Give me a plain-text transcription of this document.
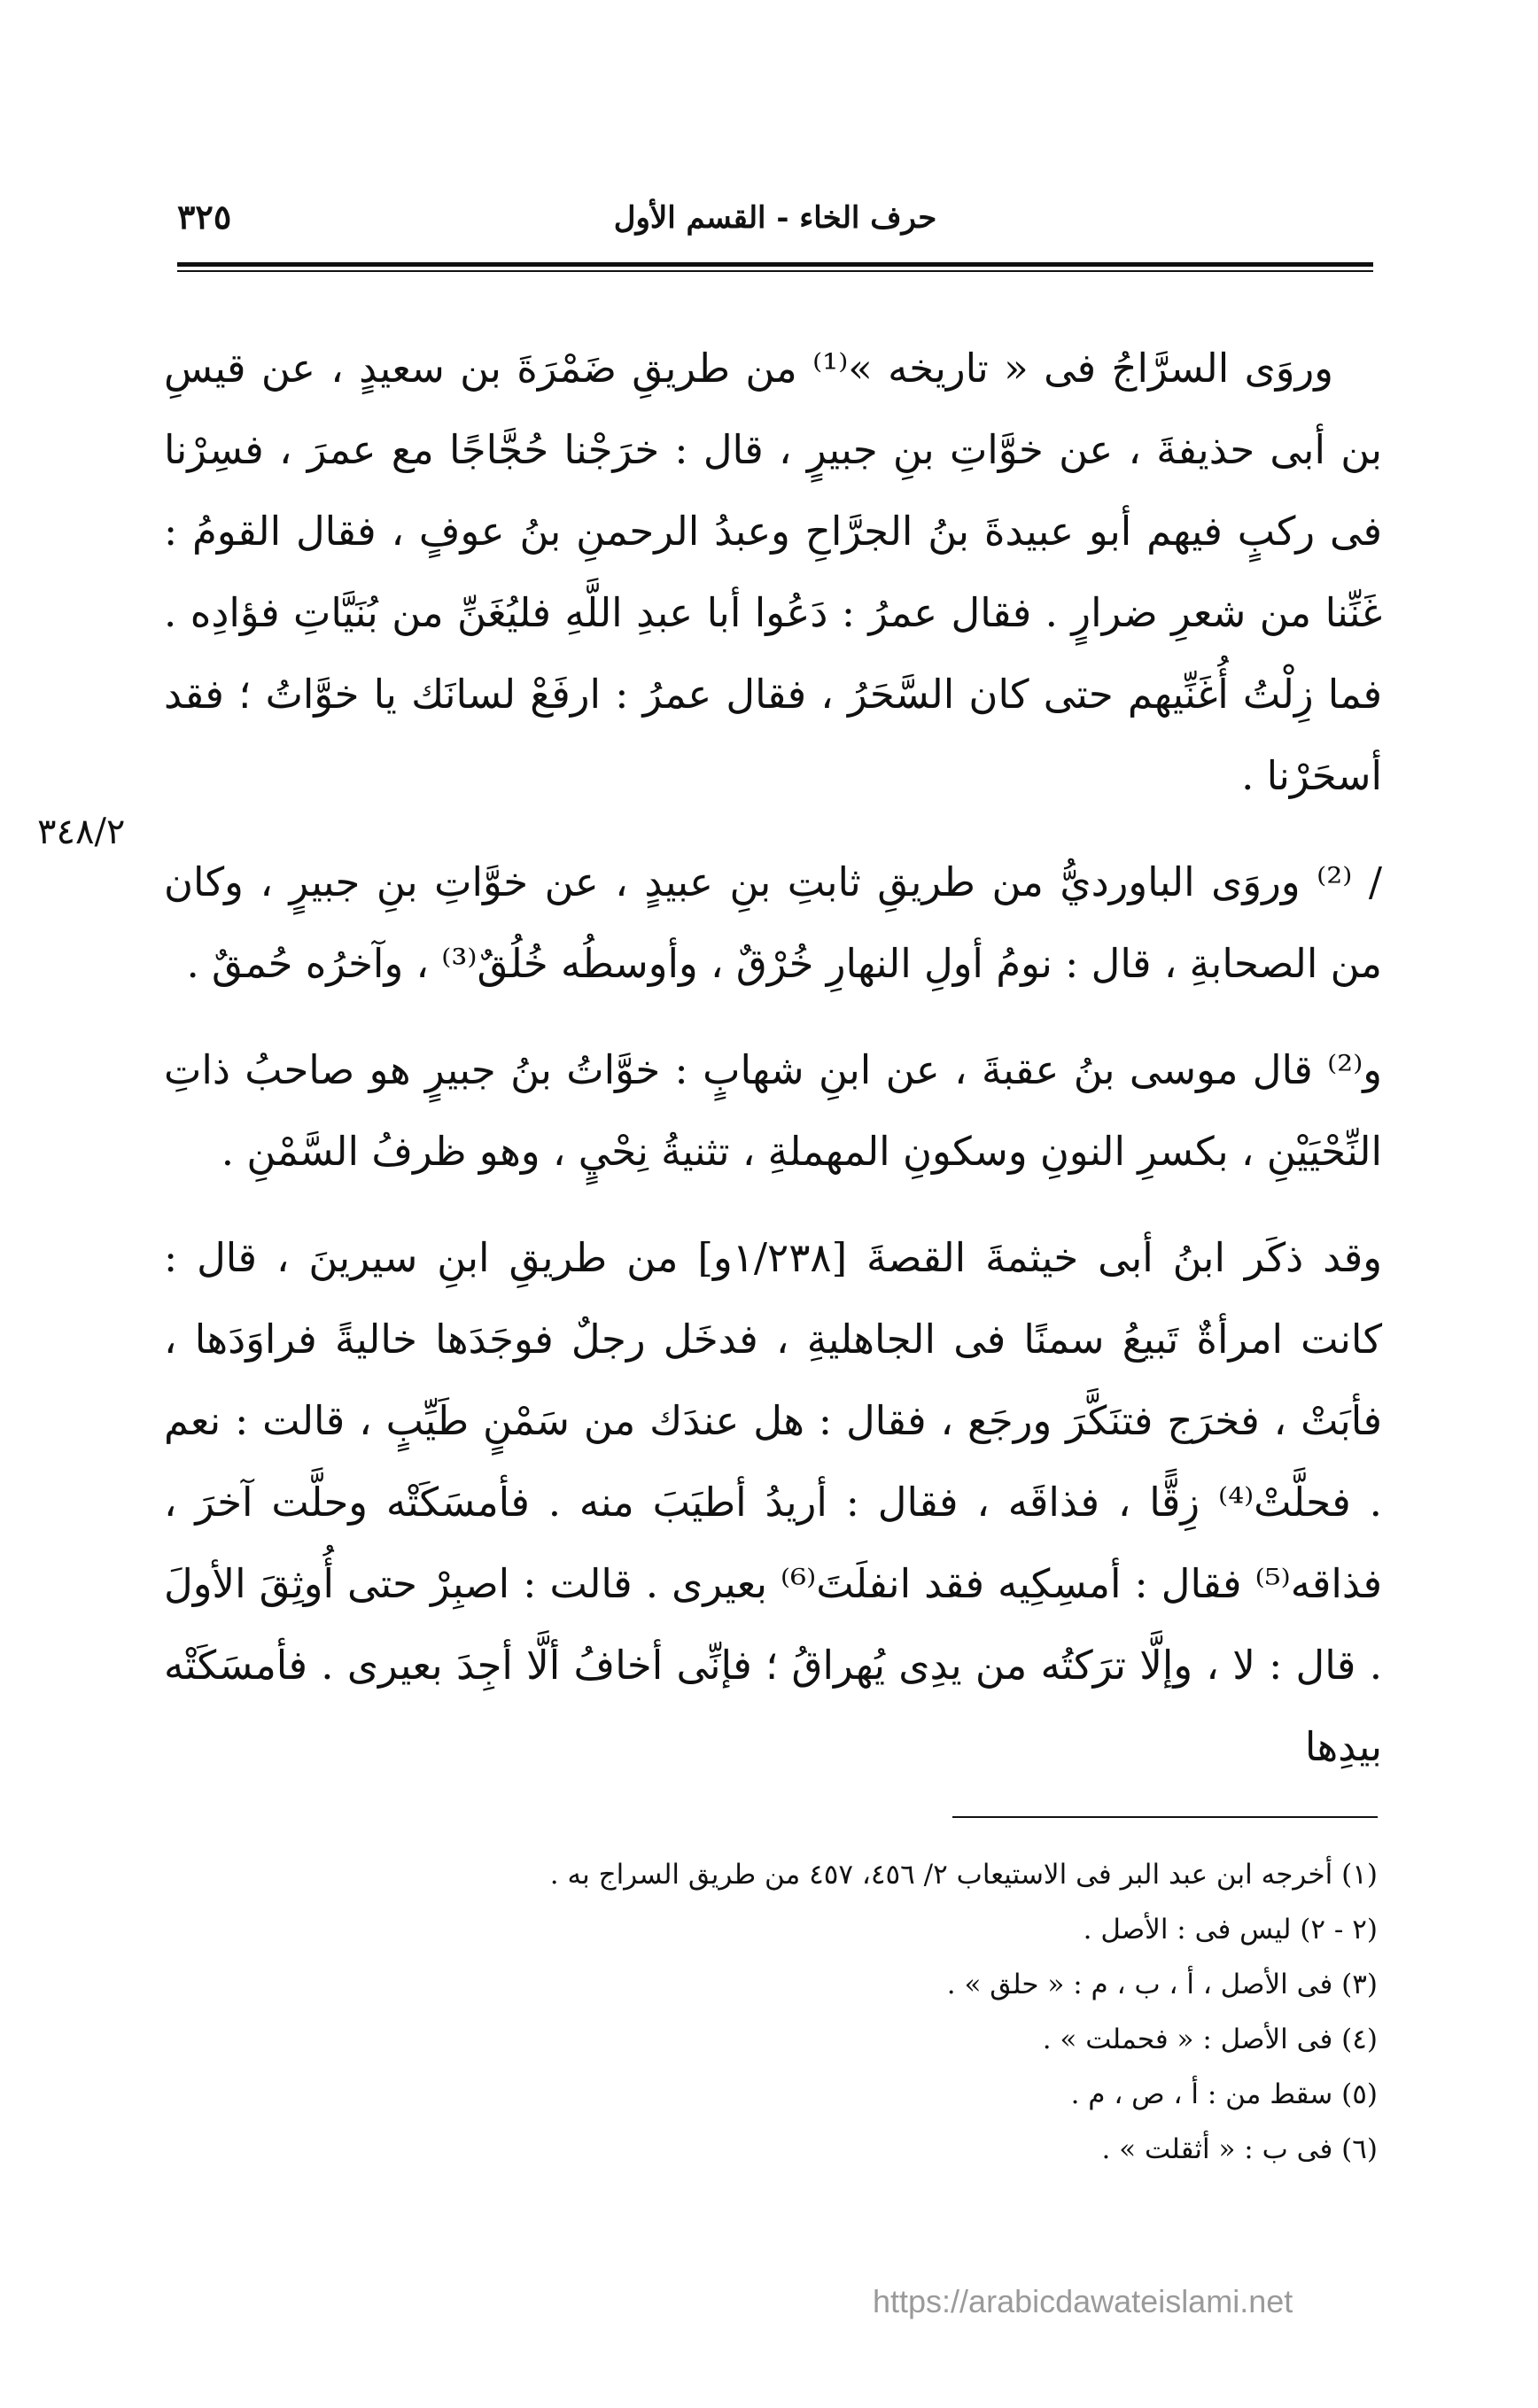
حرف الخاء - القسم الأول
٣٢٥

وروَى السرَّاجُ فى « تاريخه »⁽¹⁾ من طريقِ ضَمْرَةَ بن سعيدٍ ، عن قيسِ بن أبى حذيفةَ ، عن خوَّاتِ بنِ جبيرٍ ، قال : خرَجْنا حُجَّاجًا مع عمرَ ، فسِرْنا فى ركبٍ فيهم أبو عبيدةَ بنُ الجرَّاحِ وعبدُ الرحمنِ بنُ عوفٍ ، فقال القومُ : غَنِّنا من شعرِ ضرارٍ . فقال عمرُ : دَعُوا أبا عبدِ اللَّهِ فليُغَنِّ من بُنَيَّاتِ فؤادِه . فما زِلْتُ أُغَنِّيهم حتى كان السَّحَرُ ، فقال عمرُ : ارفَعْ لسانَك يا خوَّاتُ ؛ فقد أسحَرْنا .

/ ⁽²⁾ وروَى الباورديُّ من طريقِ ثابتِ بنِ عبيدٍ ، عن خوَّاتِ بنِ جبيرٍ ، وكان من الصحابةِ ، قال : نومُ أولِ النهارِ خُرْقٌ ، وأوسطُه خُلُقٌ⁽³⁾ ، وآخرُه حُمقٌ .

و⁽²⁾ قال موسى بنُ عقبةَ ، عن ابنِ شهابٍ : خوَّاتُ بنُ جبيرٍ هو صاحبُ ذاتِ النِّحْيَيْنِ ، بكسرِ النونِ وسكونِ المهملةِ ، تثنيةُ نِحْيٍ ، وهو ظرفُ السَّمْنِ .

وقد ذكَر ابنُ أبى خيثمةَ القصةَ [١/٢٣٨و] من طريقِ ابنِ سيرينَ ، قال : كانت امرأةٌ تَبيعُ سمنًا فى الجاهليةِ ، فدخَل رجلٌ فوجَدَها خاليةً فراوَدَها ، فأبَتْ ، فخرَج فتنَكَّرَ ورجَع ، فقال : هل عندَك من سَمْنٍ طَيِّبٍ ، قالت : نعم . فحلَّتْ⁽⁴⁾ زِقًّا ، فذاقَه ، فقال : أريدُ أطيَبَ منه . فأمسَكَتْه وحلَّت آخرَ ، فذاقه⁽⁵⁾ فقال : أمسِكِيه فقد انفلَتَ⁽⁶⁾ بعيرى . قالت : اصبِرْ حتى أُوثِقَ الأولَ . قال : لا ، وإلَّا ترَكتُه من يدِى يُهراقُ ؛ فإنِّى أخافُ ألَّا أجِدَ بعيرى . فأمسَكَتْه بيدِها

٣٤٨/٢

(١) أخرجه ابن عبد البر فى الاستيعاب ٢/ ٤٥٦، ٤٥٧ من طريق السراج به .

(٢ - ٢) ليس فى : الأصل .

(٣) فى الأصل ، أ ، ب ، م : « حلق » .

(٤) فى الأصل : « فحملت » .

(٥) سقط من : أ ، ص ، م .

(٦) فى ب : « أثقلت » .

https://arabicdawateislami.net
